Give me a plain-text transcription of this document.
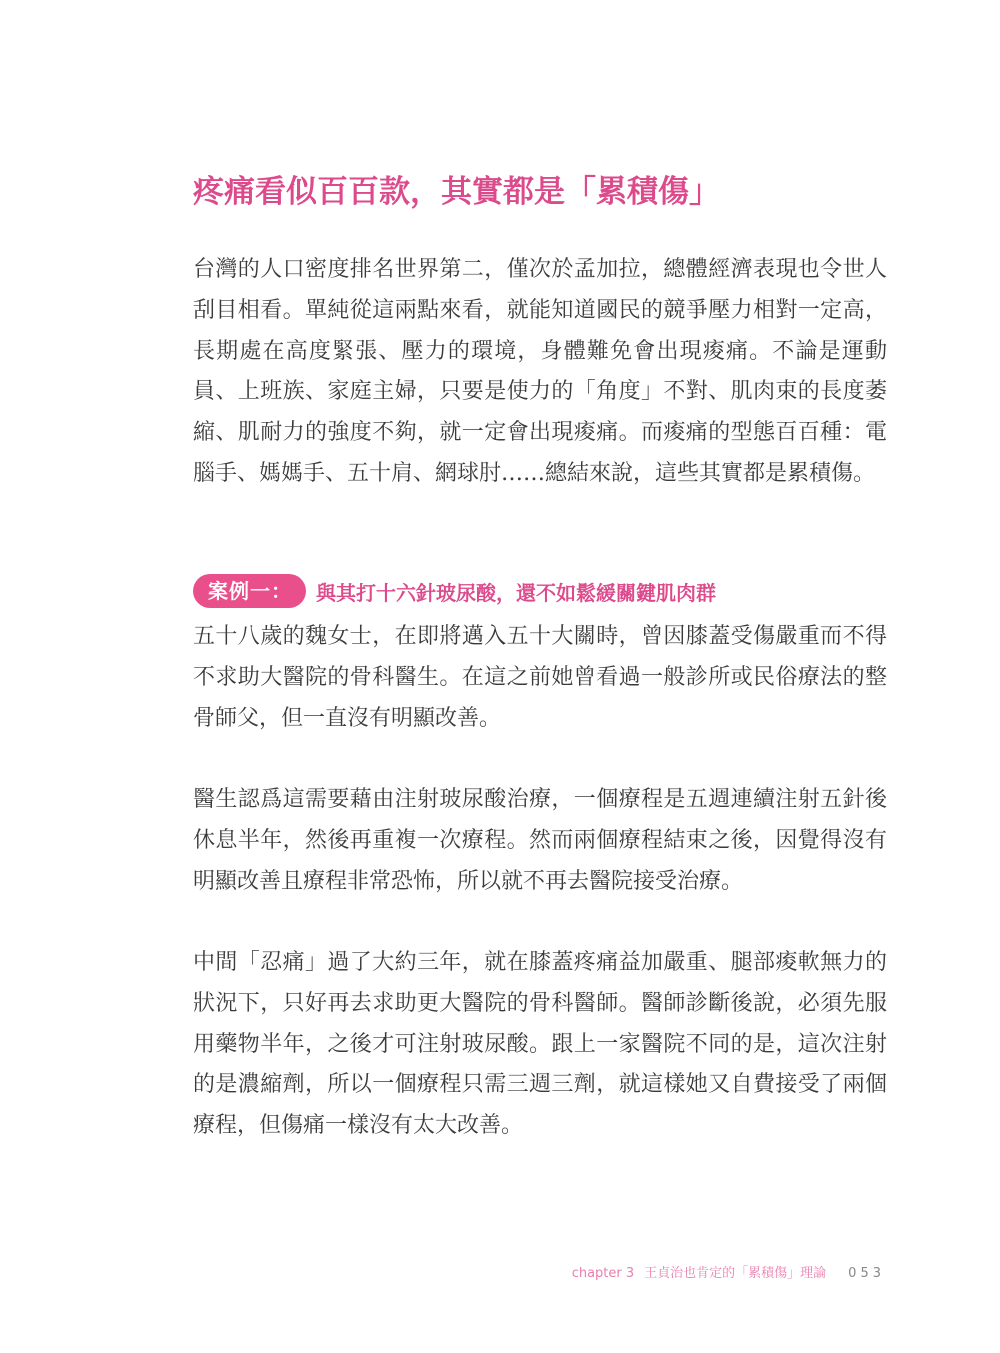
疼痛看似百百款，其實都是「累積傷」

台灣的人口密度排名世界第二，僅次於孟加拉，總體經濟表現也令世人刮目相看。單純從這兩點來看，就能知道國民的競爭壓力相對一定高，長期處在高度緊張、壓力的環境，身體難免會出現痠痛。不論是運動員、上班族、家庭主婦，只要是使力的「角度」不對、肌肉束的長度萎縮、肌耐力的強度不夠，就一定會出現痠痛。而痠痛的型態百百種：電腦手、媽媽手、五十肩、網球肘……總結來說，這些其實都是累積傷。

案例一：	與其打十六針玻尿酸，還不如鬆緩關鍵肌肉群

五十八歲的魏女士，在即將邁入五十大關時，曾因膝蓋受傷嚴重而不得不求助大醫院的骨科醫生。在這之前她曾看過一般診所或民俗療法的整骨師父，但一直沒有明顯改善。

醫生認爲這需要藉由注射玻尿酸治療，一個療程是五週連續注射五針後休息半年，然後再重複一次療程。然而兩個療程結束之後，因覺得沒有明顯改善且療程非常恐怖，所以就不再去醫院接受治療。

中間「忍痛」過了大約三年，就在膝蓋疼痛益加嚴重、腿部痠軟無力的狀況下，只好再去求助更大醫院的骨科醫師。醫師診斷後說，必須先服用藥物半年，之後才可注射玻尿酸。跟上一家醫院不同的是，這次注射的是濃縮劑，所以一個療程只需三週三劑，就這樣她又自費接受了兩個療程，但傷痛一樣沒有太大改善。

chapter 3 王貞治也肯定的「累積傷」理論 053
